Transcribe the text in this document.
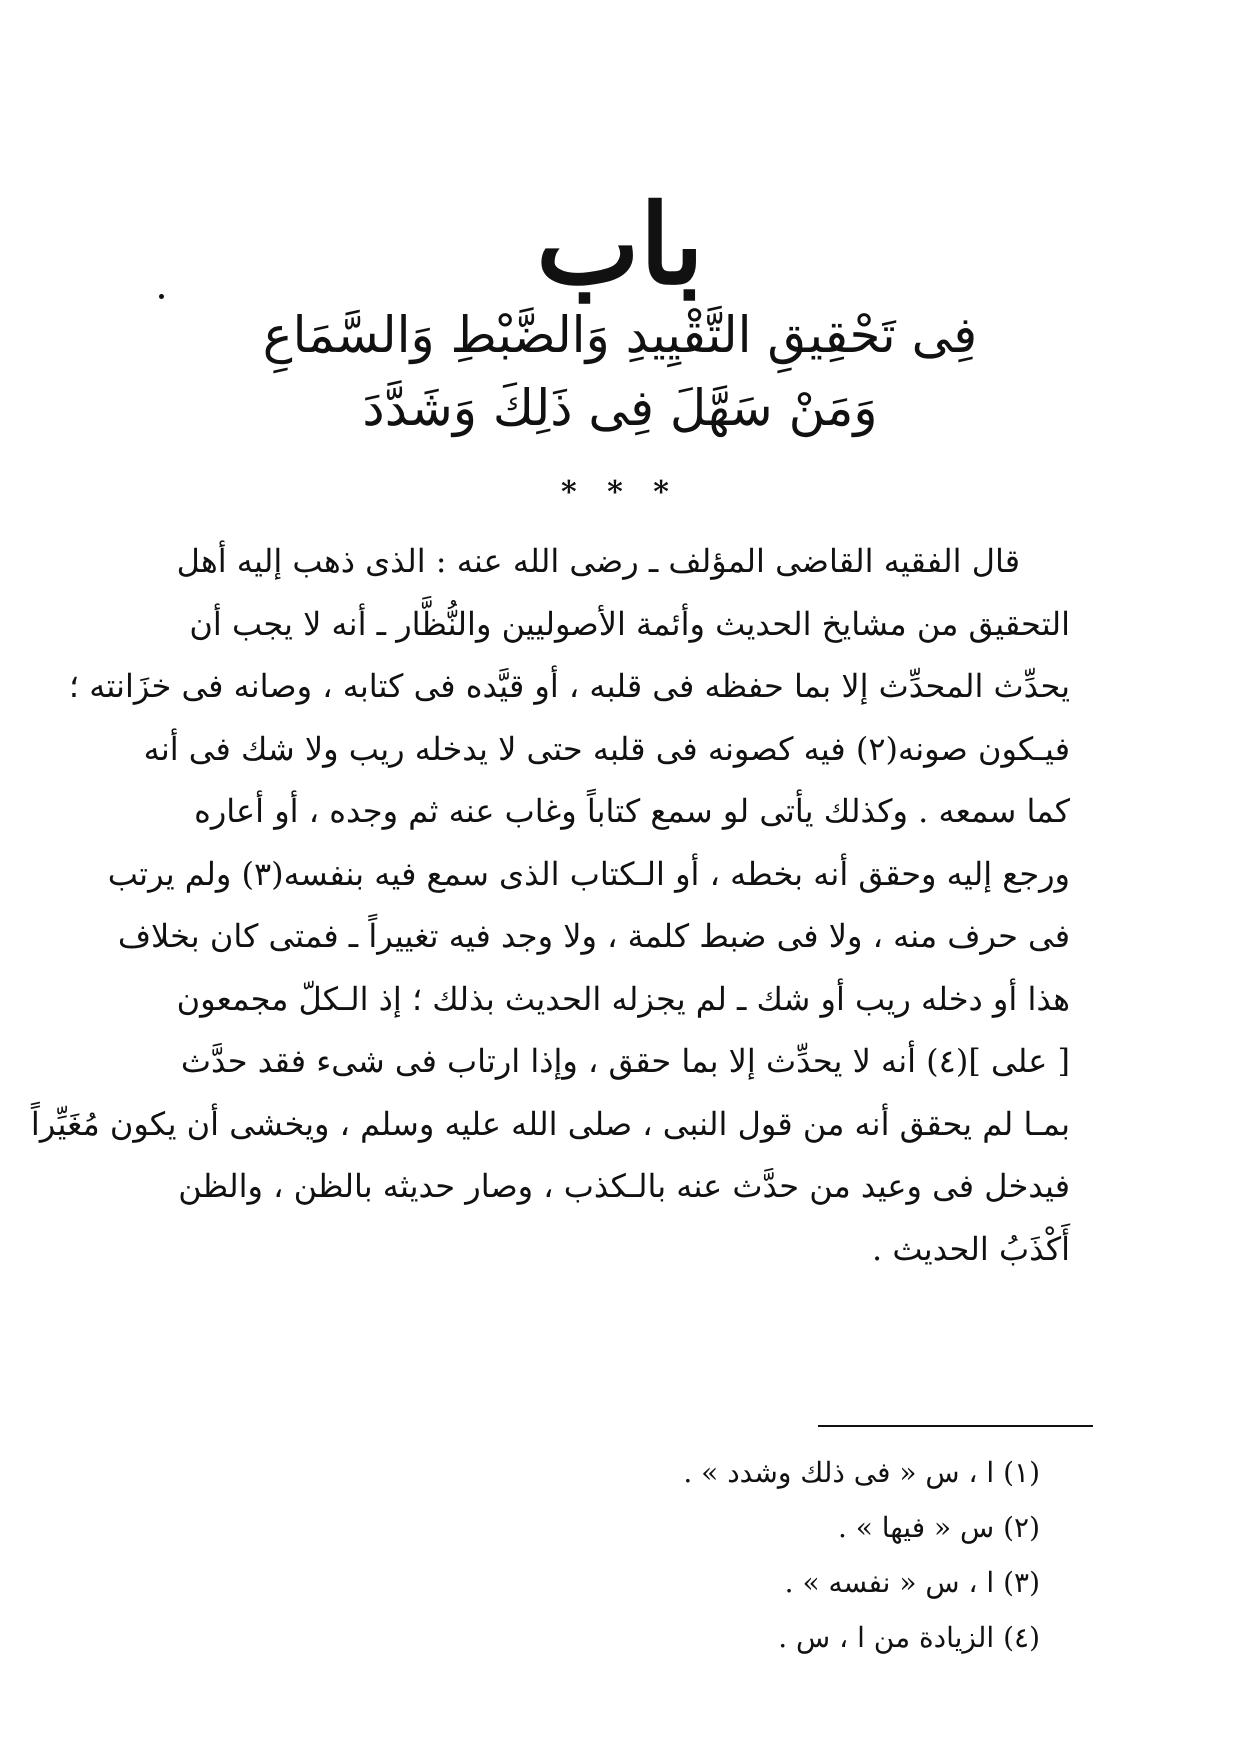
باب
فِى تَحْقِيقِ التَّقْيِيدِ وَالضَّبْطِ وَالسَّمَاعِ
وَمَنْ سَهَّلَ فِى ذَلِكَ وَشَدَّدَ
* * *
قال الفقيه القاضى المؤلف ـ رضى الله عنه : الذى ذهب إليه أهل
التحقيق من مشايخ الحديث وأئمة الأصوليين والنُّظَّار ـ أنه لا يجب أن
يحدِّث المحدِّث إلا بما حفظه فى قلبه ، أو قيَّده فى كتابه ، وصانه فى خزَانته ؛
فيـكون صونه(٢) فيه كصونه فى قلبه حتى لا يدخله ريب ولا شك فى أنه
كما سمعه . وكذلك يأتى لو سمع كتاباً وغاب عنه ثم وجده ، أو أعاره
ورجع إليه وحقق أنه بخطه ، أو الـكتاب الذى سمع فيه بنفسه(٣) ولم يرتب
فى حرف منه ، ولا فى ضبط كلمة ، ولا وجد فيه تغييراً ـ فمتى كان بخلاف
هذا أو دخله ريب أو شك ـ لم يجزله الحديث بذلك ؛ إذ الـكلّ مجمعون
[ على ](٤) أنه لا يحدِّث إلا بما حقق ، وإذا ارتاب فى شىء فقد حدَّث
بمـا لم يحقق أنه من قول النبى ، صلى الله عليه وسلم ، ويخشى أن يكون مُغَيِّراً
فيدخل فى وعيد من حدَّث عنه بالـكذب ، وصار حديثه بالظن ، والظن
أَكْذَبُ الحديث .
(١) ا ، س « فى ذلك وشدد » .
(٢) س « فيها » .
(٣) ا ، س « نفسه » .
(٤) الزيادة من ا ، س .
